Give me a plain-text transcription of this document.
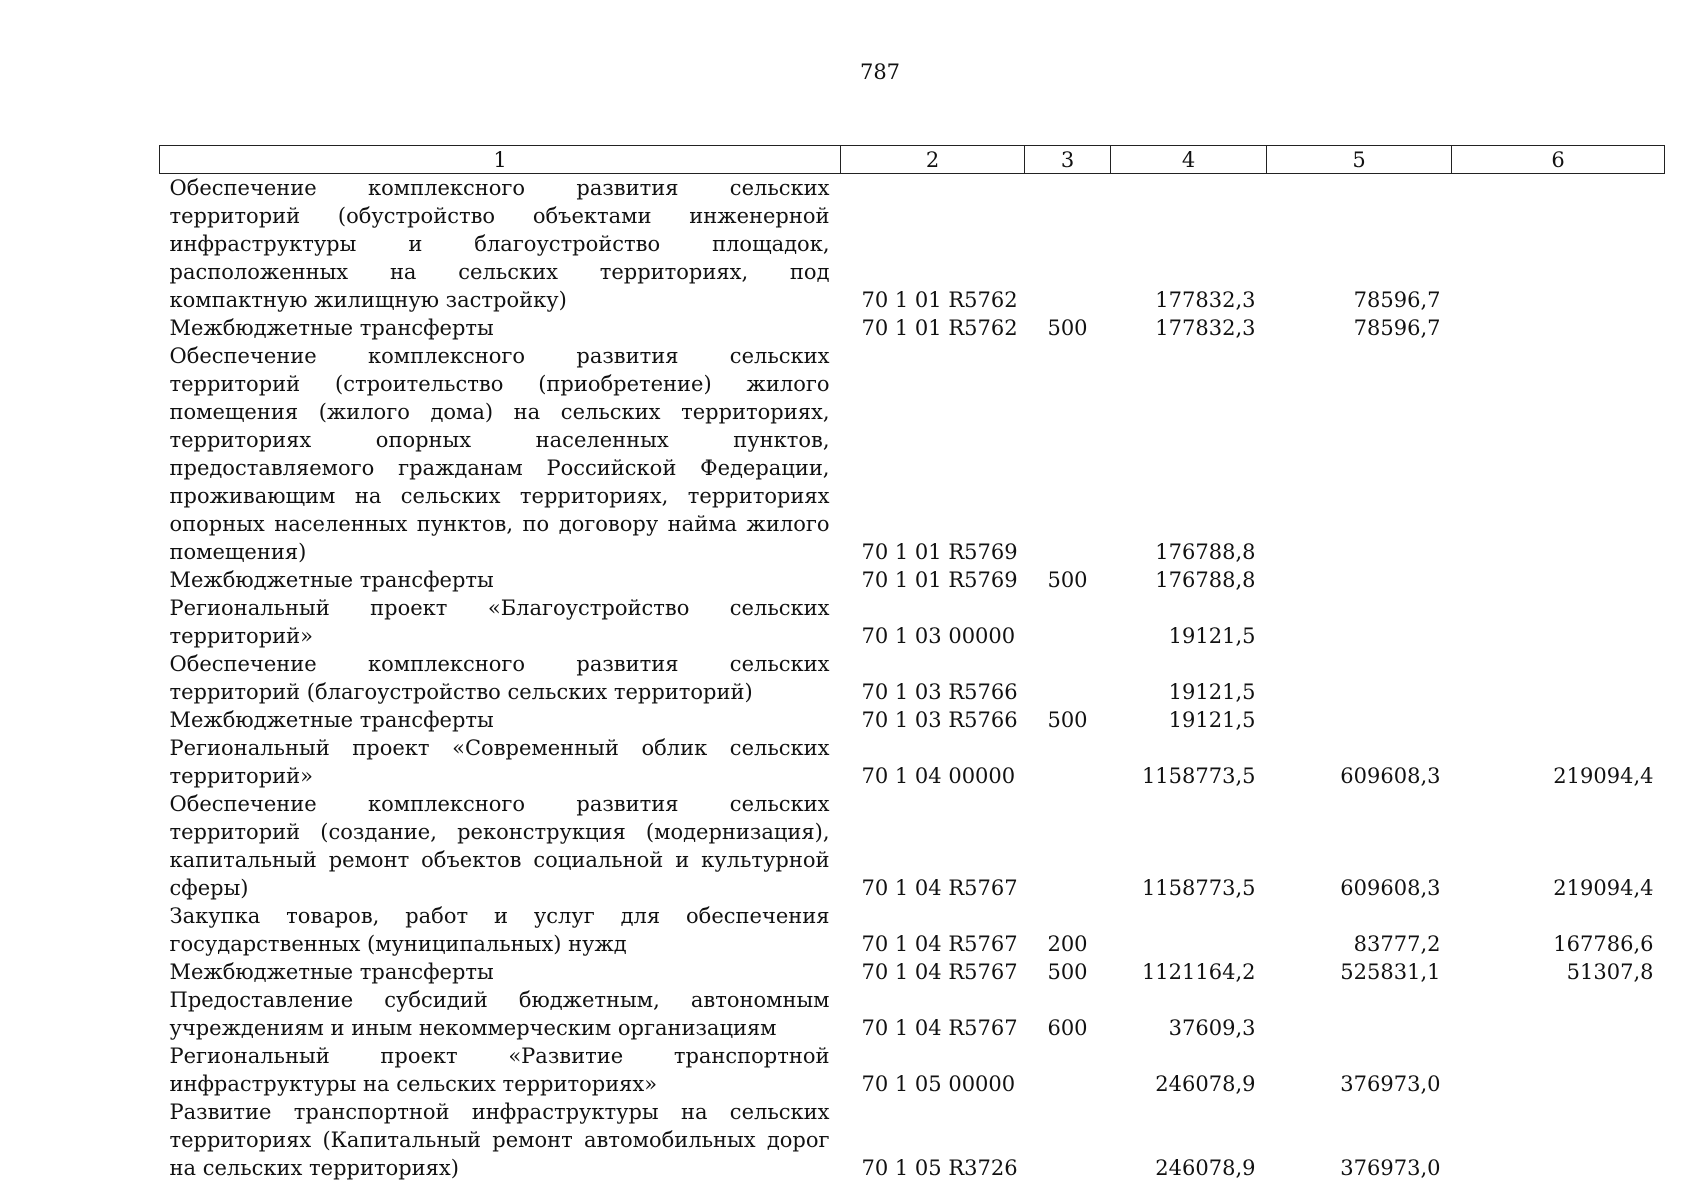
787
1	2	3	4	5	6
Обеспечение комплексного развития сельских территорий (обустройство объектами инженерной инфраструктуры и благоустройство площадок, расположенных на сельских территориях, под компактную жилищную застройку)	70 1 01 R5762		177832,3	78596,7	
Межбюджетные трансферты	70 1 01 R5762	500	177832,3	78596,7	
Обеспечение комплексного развития сельских территорий (строительство (приобретение) жилого помещения (жилого дома) на сельских территориях, территориях опорных населенных пунктов, предоставляемого гражданам Российской Федерации, проживающим на сельских территориях, территориях опорных населенных пунктов, по договору найма жилого помещения)	70 1 01 R5769		176788,8		
Межбюджетные трансферты	70 1 01 R5769	500	176788,8		
Региональный проект «Благоустройство сельских территорий»	70 1 03 00000		19121,5		
Обеспечение комплексного развития сельских территорий (благоустройство сельских территорий)	70 1 03 R5766		19121,5		
Межбюджетные трансферты	70 1 03 R5766	500	19121,5		
Региональный проект «Современный облик сельских территорий»	70 1 04 00000		1158773,5	609608,3	219094,4
Обеспечение комплексного развития сельских территорий (создание, реконструкция (модернизация), капитальный ремонт объектов социальной и культурной сферы)	70 1 04 R5767		1158773,5	609608,3	219094,4
Закупка товаров, работ и услуг для обеспечения государственных (муниципальных) нужд	70 1 04 R5767	200		83777,2	167786,6
Межбюджетные трансферты	70 1 04 R5767	500	1121164,2	525831,1	51307,8
Предоставление субсидий бюджетным, автономным учреждениям и иным некоммерческим организациям	70 1 04 R5767	600	37609,3		
Региональный проект «Развитие транспортной инфраструктуры на сельских территориях»	70 1 05 00000		246078,9	376973,0	
Развитие транспортной инфраструктуры на сельских территориях (Капитальный ремонт автомобильных дорог на сельских территориях)	70 1 05 R3726		246078,9	376973,0	
